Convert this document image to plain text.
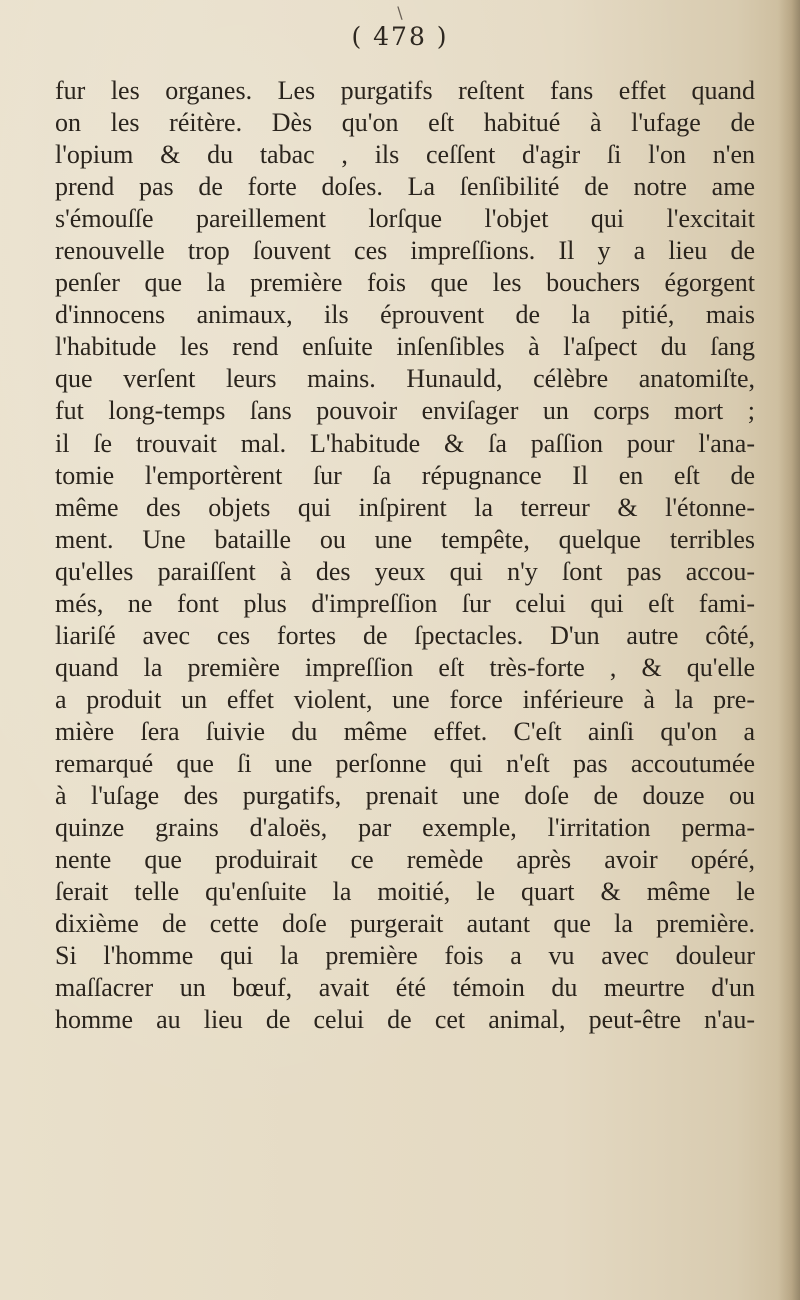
\
( 478 )
fur les organes. Les purgatifs reſtent fans effet quand
on les réitère. Dès qu'on eſt habitué à l'ufage de
l'opium & du tabac , ils ceſſent d'agir ſi l'on n'en
prend pas de forte doſes. La ſenſibilité de notre ame
s'émouſſe pareillement lorſque l'objet qui l'excitait
renouvelle trop ſouvent ces impreſſions. Il y a lieu de
penſer que la première fois que les bouchers égorgent
d'innocens animaux, ils éprouvent de la pitié, mais
l'habitude les rend enſuite inſenſibles à l'aſpect du ſang
que verſent leurs mains. Hunauld, célèbre anatomiſte,
fut long-temps ſans pouvoir enviſager un corps mort ;
il ſe trouvait mal. L'habitude & ſa paſſion pour l'ana-
tomie l'emportèrent ſur ſa répugnance Il en eſt de
même des objets qui inſpirent la terreur & l'étonne-
ment. Une bataille ou une tempête, quelque terribles
qu'elles paraiſſent à des yeux qui n'y ſont pas accou-
més, ne font plus d'impreſſion ſur celui qui eſt fami-
liariſé avec ces fortes de ſpectacles. D'un autre côté,
quand la première impreſſion eſt très-forte , & qu'elle
a produit un effet violent, une force inférieure à la pre-
mière ſera ſuivie du même effet. C'eſt ainſi qu'on a
remarqué que ſi une perſonne qui n'eſt pas accoutumée
à l'uſage des purgatifs, prenait une doſe de douze ou
quinze grains d'aloës, par exemple, l'irritation perma-
nente que produirait ce remède après avoir opéré,
ſerait telle qu'enſuite la moitié, le quart & même le
dixième de cette doſe purgerait autant que la première.
Si l'homme qui la première fois a vu avec douleur
maſſacrer un bœuf, avait été témoin du meurtre d'un
homme au lieu de celui de cet animal, peut-être n'au-
